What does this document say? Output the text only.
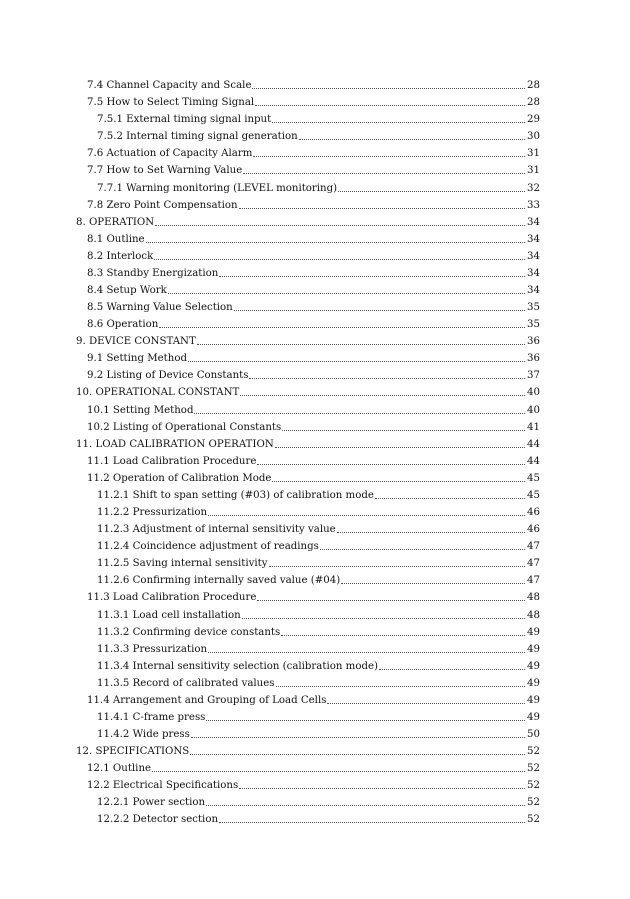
7.4 Channel Capacity and Scale	28
7.5 How to Select Timing Signal	28
7.5.1 External timing signal input	29
7.5.2 Internal timing signal generation	30
7.6 Actuation of Capacity Alarm	31
7.7 How to Set Warning Value	31
7.7.1 Warning monitoring (LEVEL monitoring)	32
7.8 Zero Point Compensation	33
8. OPERATION	34
8.1 Outline	34
8.2 Interlock	34
8.3 Standby Energization	34
8.4 Setup Work	34
8.5 Warning Value Selection	35
8.6 Operation	35
9. DEVICE CONSTANT	36
9.1 Setting Method	36
9.2 Listing of Device Constants	37
10. OPERATIONAL CONSTANT	40
10.1 Setting Method	40
10.2 Listing of Operational Constants	41
11. LOAD CALIBRATION OPERATION	44
11.1 Load Calibration Procedure	44
11.2 Operation of Calibration Mode	45
11.2.1 Shift to span setting (#03) of calibration mode	45
11.2.2 Pressurization	46
11.2.3 Adjustment of internal sensitivity value	46
11.2.4 Coincidence adjustment of readings	47
11.2.5 Saving internal sensitivity	47
11.2.6 Confirming internally saved value (#04)	47
11.3 Load Calibration Procedure	48
11.3.1 Load cell installation	48
11.3.2 Confirming device constants	49
11.3.3 Pressurization	49
11.3.4 Internal sensitivity selection (calibration mode)	49
11.3.5 Record of calibrated values	49
11.4 Arrangement and Grouping of Load Cells	49
11.4.1 C-frame press	49
11.4.2 Wide press	50
12. SPECIFICATIONS	52
12.1 Outline	52
12.2 Electrical Specifications	52
12.2.1 Power section	52
12.2.2 Detector section	52
